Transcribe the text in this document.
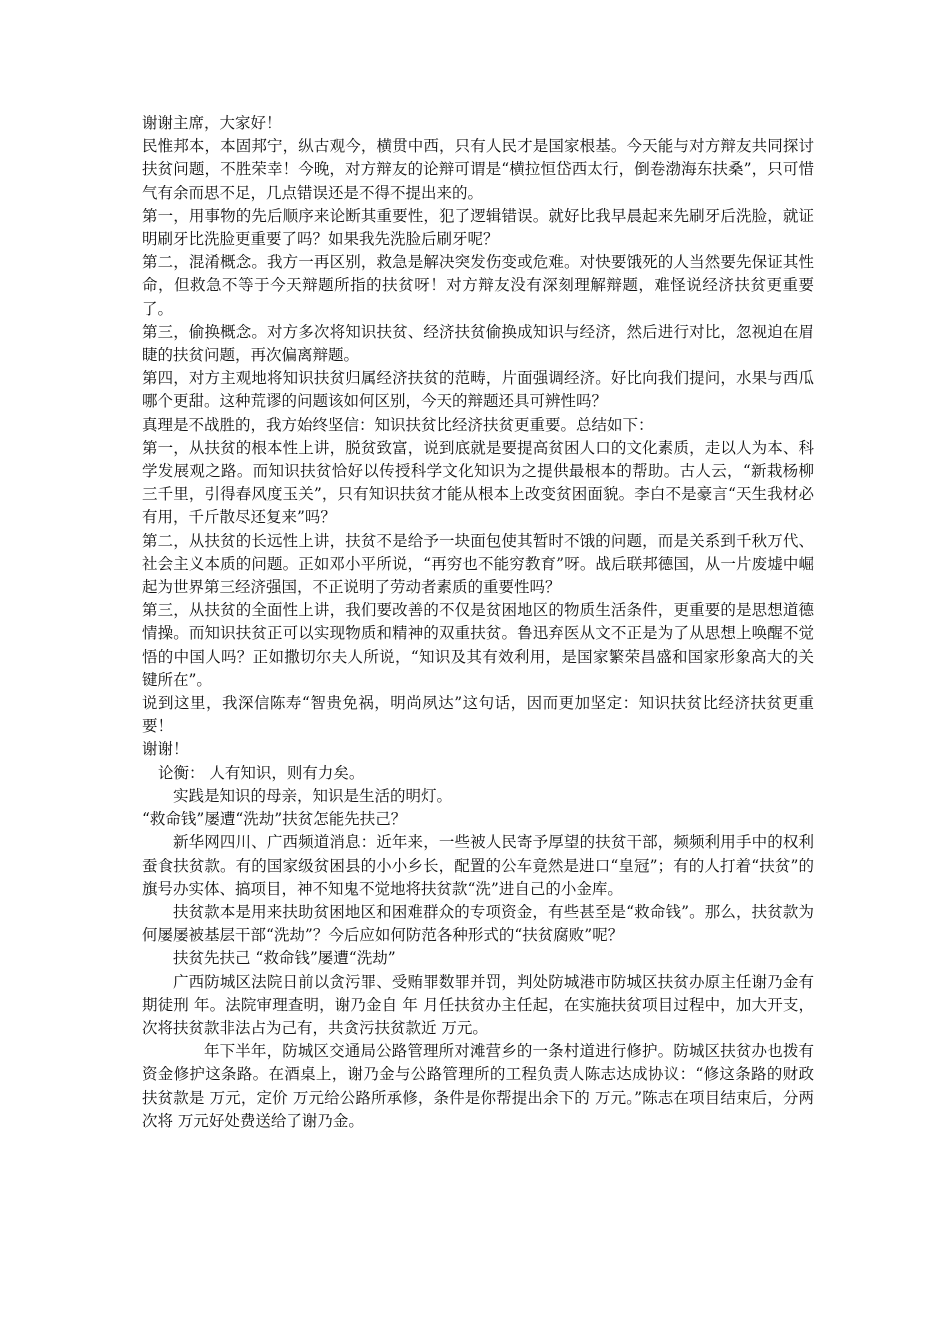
谢谢主席，大家好！

民惟邦本，本固邦宁，纵古观今，横贯中西，只有人民才是国家根基。今天能与对方辩友共同探讨扶贫问题，不胜荣幸！今晚，对方辩友的论辩可谓是“横拉恒岱西太行，倒卷渤海东扶桑”，只可惜气有余而思不足，几点错误还是不得不提出来的。

第一，用事物的先后顺序来论断其重要性，犯了逻辑错误。就好比我早晨起来先刷牙后洗脸，就证明刷牙比洗脸更重要了吗？如果我先洗脸后刷牙呢？

第二，混淆概念。我方一再区别，救急是解决突发伤变或危难。对快要饿死的人当然要先保证其性命，但救急不等于今天辩题所指的扶贫呀！对方辩友没有深刻理解辩题，难怪说经济扶贫更重要了。

第三，偷换概念。对方多次将知识扶贫、经济扶贫偷换成知识与经济，然后进行对比，忽视迫在眉睫的扶贫问题，再次偏离辩题。

第四，对方主观地将知识扶贫归属经济扶贫的范畴，片面强调经济。好比向我们提问，水果与西瓜哪个更甜。这种荒谬的问题该如何区别，今天的辩题还具可辨性吗？

真理是不战胜的，我方始终坚信：知识扶贫比经济扶贫更重要。总结如下：

第一，从扶贫的根本性上讲，脱贫致富，说到底就是要提高贫困人口的文化素质，走以人为本、科学发展观之路。而知识扶贫恰好以传授科学文化知识为之提供最根本的帮助。古人云，“新栽杨柳三千里，引得春风度玉关”，只有知识扶贫才能从根本上改变贫困面貌。李白不是豪言“天生我材必有用，千斤散尽还复来”吗？

第二，从扶贫的长远性上讲，扶贫不是给予一块面包使其暂时不饿的问题，而是关系到千秋万代、社会主义本质的问题。正如邓小平所说，“再穷也不能穷教育”呀。战后联邦德国，从一片废墟中崛起为世界第三经济强国，不正说明了劳动者素质的重要性吗？

第三，从扶贫的全面性上讲，我们要改善的不仅是贫困地区的物质生活条件，更重要的是思想道德情操。而知识扶贫正可以实现物质和精神的双重扶贫。鲁迅弃医从文不正是为了从思想上唤醒不觉悟的中国人吗？正如撒切尔夫人所说，“知识及其有效利用，是国家繁荣昌盛和国家形象高大的关键所在”。

说到这里，我深信陈寿“智贵免祸，明尚夙达”这句话，因而更加坚定：知识扶贫比经济扶贫更重要！

谢谢！

论衡： 人有知识，则有力矣。

实践是知识的母亲，知识是生活的明灯。

“救命钱”屡遭“洗劫”扶贫怎能先扶己？

新华网四川、广西频道消息：近年来，一些被人民寄予厚望的扶贫干部，频频利用手中的权利蚕食扶贫款。有的国家级贫困县的小小乡长，配置的公车竟然是进口“皇冠”；有的人打着“扶贫”的旗号办实体、搞项目，神不知鬼不觉地将扶贫款“洗”进自己的小金库。

扶贫款本是用来扶助贫困地区和困难群众的专项资金，有些甚至是“救命钱”。那么，扶贫款为何屡屡被基层干部“洗劫”？今后应如何防范各种形式的“扶贫腐败”呢？

扶贫先扶己 “救命钱”屡遭“洗劫”

广西防城区法院日前以贪污罪、受贿罪数罪并罚，判处防城港市防城区扶贫办原主任谢乃金有期徒刑 年。法院审理查明，谢乃金自 年 月任扶贫办主任起，在实施扶贫项目过程中，加大开支， 次将扶贫款非法占为己有，共贪污扶贫款近 万元。

年下半年，防城区交通局公路管理所对滩营乡的一条村道进行修护。防城区扶贫办也拨有资金修护这条路。在酒桌上，谢乃金与公路管理所的工程负责人陈志达成协议：“修这条路的财政扶贫款是 万元，定价 万元给公路所承修，条件是你帮提出余下的 万元。”陈志在项目结束后，分两次将 万元好处费送给了谢乃金。
